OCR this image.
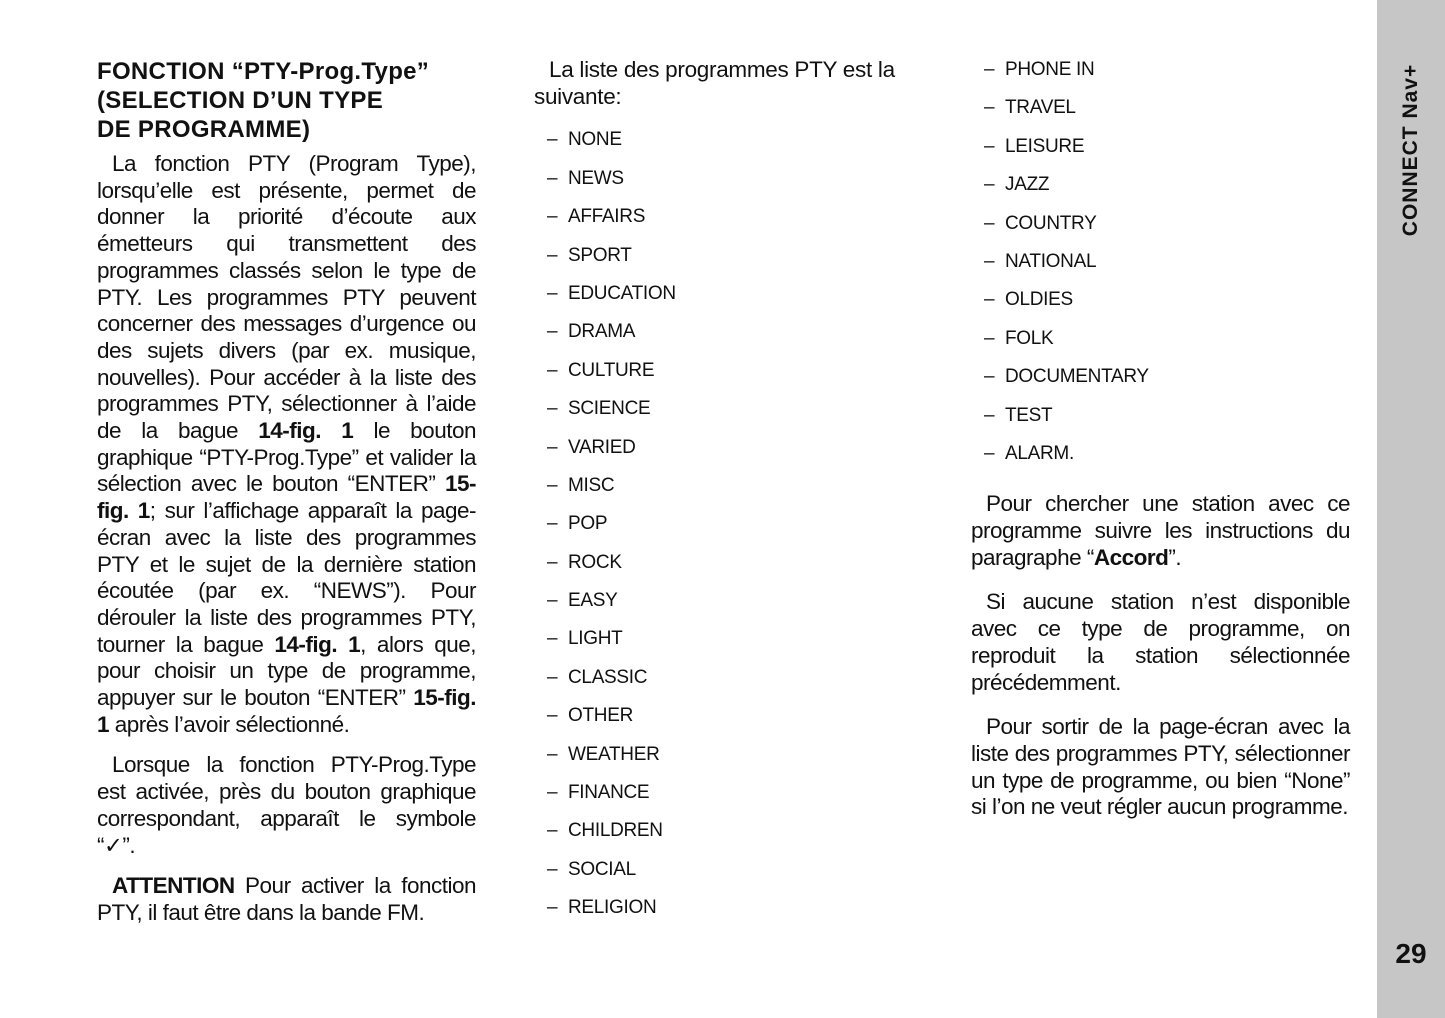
CONNECT Nav+
29
FONCTION “PTY-Prog.Type”
(SELECTION D’UN TYPE
DE PROGRAMME)

La fonction PTY (Program Type), lorsqu’elle est présente, permet de donner la priorité d’écoute aux émetteurs qui transmettent des programmes classés selon le type de PTY. Les programmes PTY peuvent concerner des messages d’urgence ou des sujets divers (par ex. musique, nouvelles). Pour accéder à la liste des programmes PTY, sélectionner à l’aide de la bague 14-fig. 1 le bouton graphique “PTY-Prog.Type” et valider la sélection avec le bouton “ENTER” 15-fig. 1; sur l’affichage apparaît la page-écran avec la liste des programmes PTY et le sujet de la dernière station écoutée (par ex. “NEWS”). Pour dérouler la liste des programmes PTY, tourner la bague 14-fig. 1, alors que, pour choisir un type de programme, appuyer sur le bouton “ENTER” 15-fig. 1 après l’avoir sélectionné.

Lorsque la fonction PTY-Prog.Type est activée, près du bouton graphique correspondant, apparaît le symbole “✓”.

ATTENTION Pour activer la fonction PTY, il faut être dans la bande FM.

La liste des programmes PTY est la suivante:
– NONE
– NEWS
– AFFAIRS
– SPORT
– EDUCATION
– DRAMA
– CULTURE
– SCIENCE
– VARIED
– MISC
– POP
– ROCK
– EASY
– LIGHT
– CLASSIC
– OTHER
– WEATHER
– FINANCE
– CHILDREN
– SOCIAL
– RELIGION
– PHONE IN
– TRAVEL
– LEISURE
– JAZZ
– COUNTRY
– NATIONAL
– OLDIES
– FOLK
– DOCUMENTARY
– TEST
– ALARM.

Pour chercher une station avec ce programme suivre les instructions du paragraphe “Accord”.

Si aucune station n’est disponible avec ce type de programme, on reproduit la station sélectionnée précédemment.

Pour sortir de la page-écran avec la liste des programmes PTY, sélectionner un type de programme, ou bien “None” si l’on ne veut régler aucun programme.
